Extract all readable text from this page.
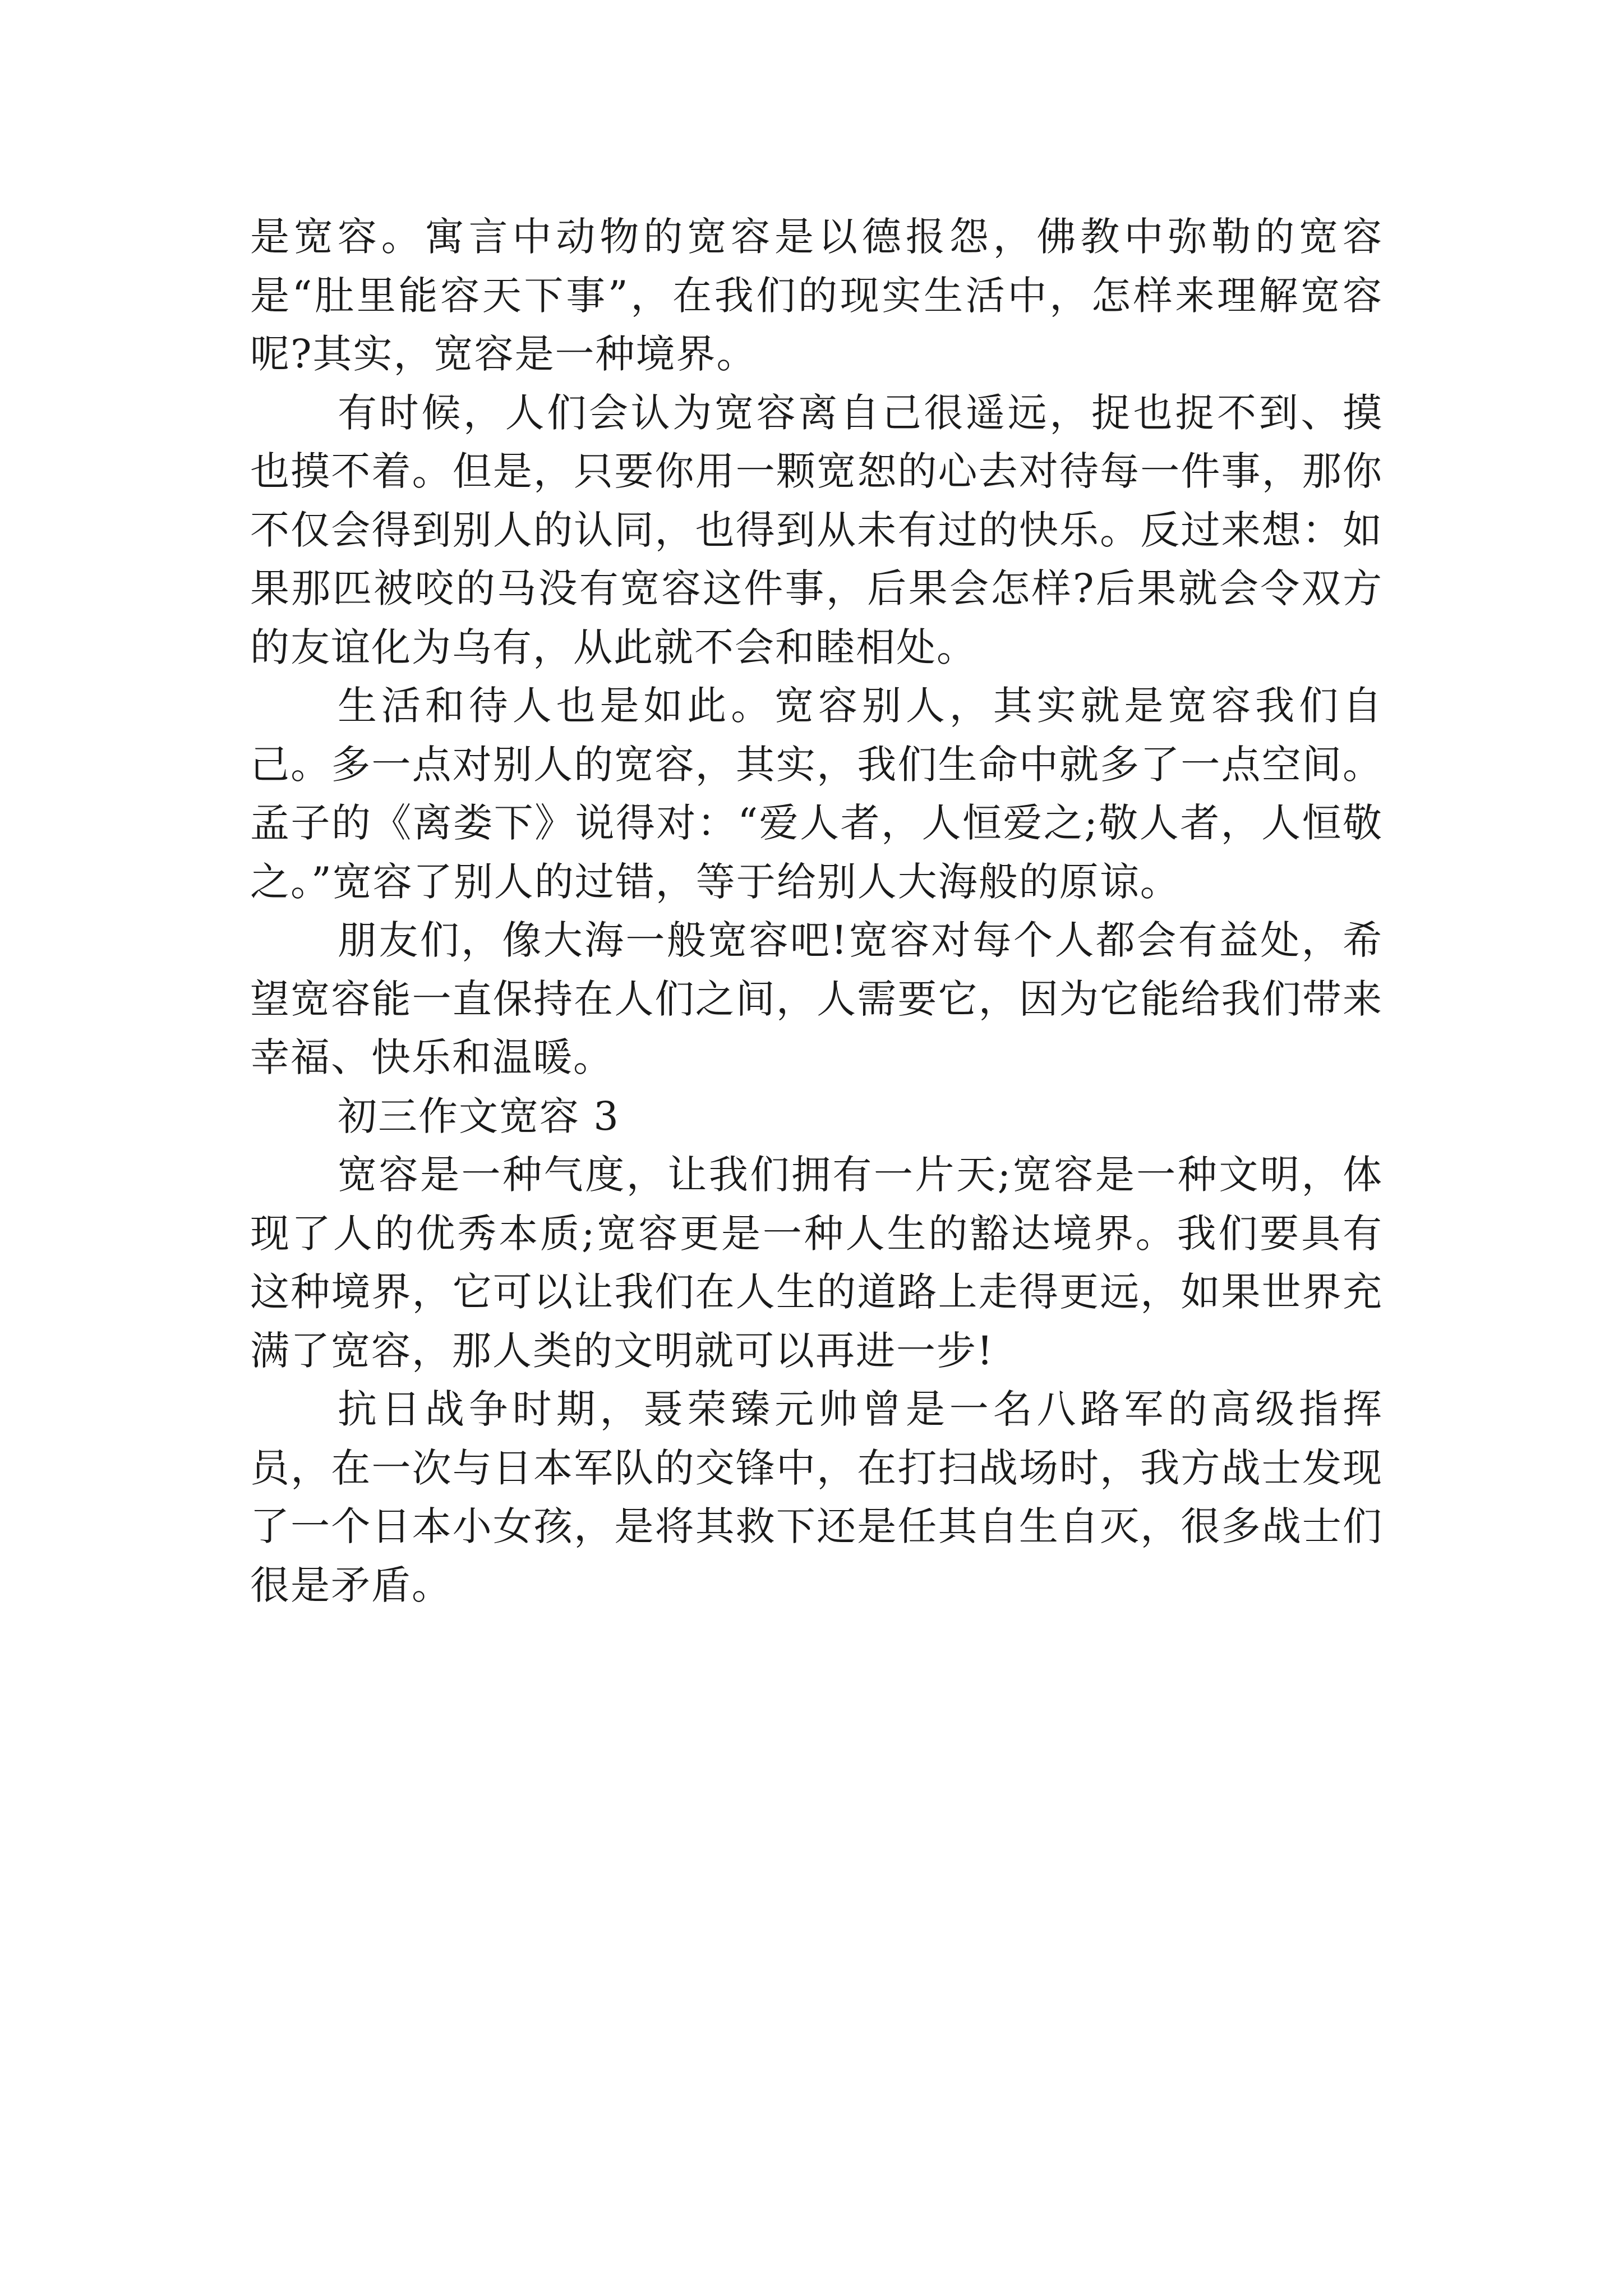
是宽容。寓言中动物的宽容是以德报怨，佛教中弥勒的宽容是“肚里能容天下事”，在我们的现实生活中，怎样来理解宽容呢?其实，宽容是一种境界。

有时候，人们会认为宽容离自己很遥远，捉也捉不到、摸也摸不着。但是，只要你用一颗宽恕的心去对待每一件事，那你不仅会得到别人的认同，也得到从未有过的快乐。反过来想：如果那匹被咬的马没有宽容这件事，后果会怎样?后果就会令双方的友谊化为乌有，从此就不会和睦相处。

生活和待人也是如此。宽容别人，其实就是宽容我们自己。多一点对别人的宽容，其实，我们生命中就多了一点空间。孟子的《离娄下》说得对：“爱人者，人恒爱之;敬人者，人恒敬之。”宽容了别人的过错，等于给别人大海般的原谅。

朋友们，像大海一般宽容吧!宽容对每个人都会有益处，希望宽容能一直保持在人们之间，人需要它，因为它能给我们带来幸福、快乐和温暖。

初三作文宽容 3

宽容是一种气度，让我们拥有一片天;宽容是一种文明，体现了人的优秀本质;宽容更是一种人生的豁达境界。我们要具有这种境界，它可以让我们在人生的道路上走得更远，如果世界充满了宽容，那人类的文明就可以再进一步!

抗日战争时期，聂荣臻元帅曾是一名八路军的高级指挥员，在一次与日本军队的交锋中，在打扫战场时，我方战士发现了一个日本小女孩，是将其救下还是任其自生自灭，很多战士们很是矛盾。
